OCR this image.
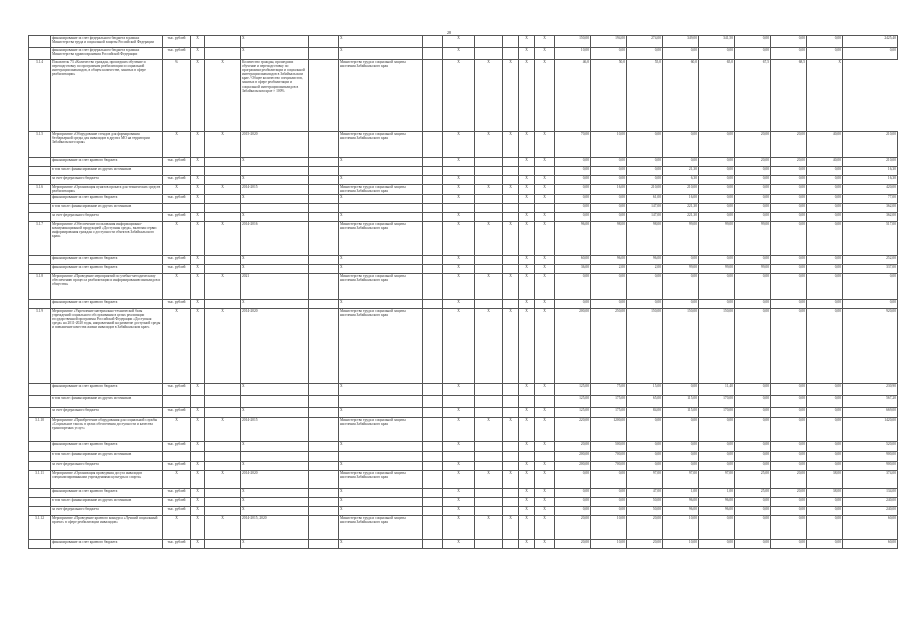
28
	финансирование за счет федерального бюджета в рамках Министерства труда и социальной защиты Российской Федерации	тыс. рублей	Х		Х		Х		Х			Х	Х	150,00	194,00	274,00	349,00	341,50	0,00	0,00	0,00	2425,40
	финансирование за счет федерального бюджета в рамках Министерства здравоохранения Российской Федерации	тыс. рублей	Х		Х		Х		Х			Х	Х	10,00	0,00	0,00	0,00	0,00	0,00	0,00	0,00	0,00
3.1.4	Показатель 73 «Количество граждан, прошедших обучение и переподготовку по программам реабилитации и социальной интеграции инвалидов, в общем количестве, занятых в сфере реабилитации»	%	Х	Х	Количество граждан, прошедших обучение и переподготовку по программам реабилитации и социальной интеграции инвалидов в Забайкальском крае / Общее количество специалистов, занятых в сфере реабилитации и социальной интеграции инвалидов в Забайкальском крае × 100%		Министерство труда и социальной защиты населения Забайкальского края		Х	Х	Х	Х	Х	46,0	50,0	55,0	60,0	65,0	67,5	68,5	Х	
3.1.5	Мероприятие «Оборудование стендов для формирования безбарьерной среды для инвалидов в других МО на территории Забайкальского края»	Х	Х	Х	2015-2020		Министерство труда и социальной защиты населения Забайкальского края		Х	Х	Х	Х	Х	70,00	10,00	0,00	0,00	0,00	20,00	20,00	40,00	210,00
	финансирование за счет краевого бюджета	тыс. рублей	Х		Х		Х		Х			Х	Х	0,00	0,00	0,00	0,00	0,00	20,00	20,00	40,00	210,00
	в том числе: финансирование из других источников													0,00	0,00	0,00	21,30	0,00	0,00	0,00	0,00	16,30
	за счет федерального бюджета	тыс. рублей	Х		Х		Х		Х			Х	Х	0,00	0,00	0,00	6,30	0,00	0,00	0,00	0,00	16,30
3.1.6	Мероприятие «Организация пунктов проката для технических средств реабилитации»	Х	Х	Х	2014-2015		Министерство труда и социальной защиты населения Забайкальского края		Х	Х	Х	Х	Х	0,00	16,00	210,00	210,00	0,00	0,00	0,00	0,00	420,00
	финансирование за счет краевого бюджета	тыс. рублей	Х		Х		Х		Х			Х	Х	0,00	0,00	61,00	16,00	0,00	0,00	0,00	0,00	77,00
	в том числе: финансирование из других источников													0,00	0,00	147,00	221,30	0,00	0,00	0,00	0,00	362,00
	за счет федерального бюджета	тыс. рублей	Х		Х		Х		Х			Х	Х	0,00	0,00	147,00	221,30	0,00	0,00	0,00	0,00	362,00
3.1.7	Мероприятие «Обеспечение пользования информационно-коммуникационной продукцией «Доступная среда», включая сервис информирования граждан о доступности объектов Забайкальского края»	Х	Х	Х	2014-2016		Министерство труда и социальной защиты населения Забайкальского края		Х	Х	Х	Х	Х	96,00	98,00	98,00	99,00	99,00	99,00	0,00	0,00	517,00
	финансирование за счет краевого бюджета	тыс. рублей	Х		Х		Х		Х			Х	Х	60,00	96,00	96,00	0,00	0,00	0,00	0,00	0,00	252,00
	финансирование за счет краевого бюджета	тыс. рублей	Х		Х		Х		Х			Х	Х	36,00	2,00	2,00	99,00	99,00	99,00	0,00	0,00	337,00
3.1.8	Мероприятие «Проведение мероприятий по учебно-методическому обеспечению процесса реабилитации и информированию инвалидов и общества»	Х	Х	Х	2021		Министерство труда и социальной защиты населения Забайкальского края		Х	Х	Х	Х	Х	0,00	0,00	0,00	0,00	0,00	0,00	0,00	0,00	0,00
	финансирование за счет краевого бюджета	тыс. рублей	Х		Х		Х		Х			Х	Х	0,00	0,00	0,00	0,00	0,00	0,00	0,00	0,00	0,00
3.1.9	Мероприятие «Укрепление материально-технической базы учреждений социального обслуживания в целях реализации государственной программы Российской Федерации «Доступная среда» на 2011-2020 годы, направленной на развитие доступной среды и повышение качества жизни инвалидов в Забайкальском крае»	Х	Х	Х	2014-2020		Министерство труда и социальной защиты населения Забайкальского края		Х	Х	Х	Х	Х	200,00	250,00	150,00	150,00	150,00	0,00	0,00	0,00	920,00
	финансирование за счет краевого бюджета	тыс. рублей	Х		Х		Х		Х			Х	Х	125,00	75,00	15,00	0,00	11,40	0,00	0,00	0,00	230,90
	в том числе: финансирование из других источников													125,00	175,00	65,00	115,00	170,00	0,00	0,00	0,00	567,20
	за счет федерального бюджета	тыс. рублей	Х		Х		Х		Х			Х	Х	125,00	175,00	84,00	115,00	170,00	0,00	0,00	0,00	669,00
3.1.10	Мероприятие «Приобретение оборудования для социальной службы «Социальное такси» в целях обеспечения доступности и качества транспортных услуг»	Х	Х	Х	2014-2015		Министерство труда и социальной защиты населения Забайкальского края		Х	Х	Х	Х	Х	220,00	1200,00	0,00	0,00	0,00	0,00	0,00	0,00	1420,00
	финансирование за счет краевого бюджета	тыс. рублей	Х		Х		Х		Х			Х	Х	20,00	500,00	0,00	0,00	0,00	0,00	0,00	0,00	520,00
	в том числе: финансирование из других источников													200,00	700,00	0,00	0,00	0,00	0,00	0,00	0,00	900,00
	за счет федерального бюджета	тыс. рублей	Х		Х		Х		Х			Х	Х	200,00	700,00	0,00	0,00	0,00	0,00	0,00	0,00	900,00
3.1.11	Мероприятие «Организация проведения досуга инвалидов специализированными учреждениями культуры и спорта»	Х	Х	Х	2014-2020		Министерство труда и социальной защиты населения Забайкальского края		Х	Х	Х	Х	Х	0,00	0,00	97,00	97,00	97,00	25,00	20,00	38,00	374,00
	финансирование за счет краевого бюджета	тыс. рублей	Х		Х		Х		Х			Х	Х	0,00	0,00	47,00	1,00	1,00	25,00	20,00	38,00	134,00
	в том числе: финансирование из других источников	тыс. рублей	Х		Х		Х		Х			Х	Х	0,00	0,00	50,00	96,00	96,00	0,00	0,00	0,00	240,00
	за счет федерального бюджета	тыс. рублей	Х		Х		Х		Х			Х	Х	0,00	0,00	50,00	96,00	96,00	0,00	0,00	0,00	240,00
3.1.12	Мероприятие «Проведение краевого конкурса «Лучший социальный проект» в сфере реабилитации инвалидов»	Х	Х	Х	2014-2015, 2020		Министерство труда и социальной защиты населения Забайкальского края		Х	Х	Х	Х	Х	20,00	10,00	20,00	10,00	0,00	0,00	0,00	0,00	60,00
	финансирование за счет краевого бюджета	тыс. рублей	Х		Х		Х		Х			Х	Х	20,00	10,00	20,00	10,00	0,00	0,00	0,00	0,00	60,00
